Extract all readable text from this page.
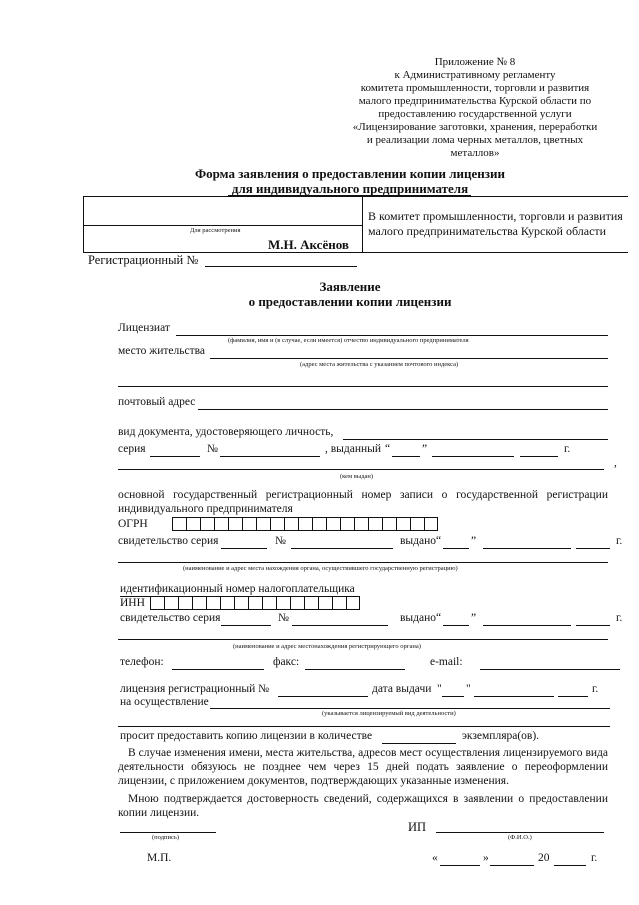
Приложение № 8
к Административному регламенту
комитета промышленности, торговли и развития
малого предпринимательства Курской области по
предоставлению государственной услуги
«Лицензирование заготовки, хранения, переработки
и реализации лома черных металлов, цветных
металлов»
Форма заявления о предоставлении копии лицензии
для индивидуального предпринимателя
Для рассмотрения
М.Н. Аксёнов
В комитет промышленности, торговли и развития малого предпринимательства Курской области
Регистрационный №
Заявление
о предоставлении копии лицензии
Лицензиат
(фамилия, имя и (в случае, если имеется) отчество индивидуального предпринимателя
место жительства
(адрес места жительства с указанием почтового индекса)
почтовый адрес
вид документа, удостоверяющего личность,
серия	№	, выданный “	”	г.
,
(кем выдан)
основной государственный регистрационный номер записи о государственной регистрации индивидуального предпринимателя
ОГРН
свидетельство серия	№	выдано “	”	г.
(наименование и адрес места нахождения органа, осуществившего государственную регистрацию)
идентификационный номер налогоплательщика
ИНН
свидетельство серия	№	выдано “	”	г.
(наименование и адрес местонахождения регистрирующего органа)
телефон:	факс:	e-mail:
лицензия регистрационный №	дата выдачи " "	г.
на осуществление
(указывается лицензируемый вид деятельности)
просит предоставить копию лицензии в количестве	экземпляра(ов).
В случае изменения имени, места жительства, адресов мест осуществления лицензируемого вида деятельности обязуюсь не позднее чем через 15 дней подать заявление о переоформлении лицензии, с приложением документов, подтверждающих указанные изменения.
Мною подтверждается достоверность сведений, содержащихся в заявлении о предоставлении копии лицензии.
(подпись)
ИП
(Ф.И.О.)
М.П.	«	»	20	г.
